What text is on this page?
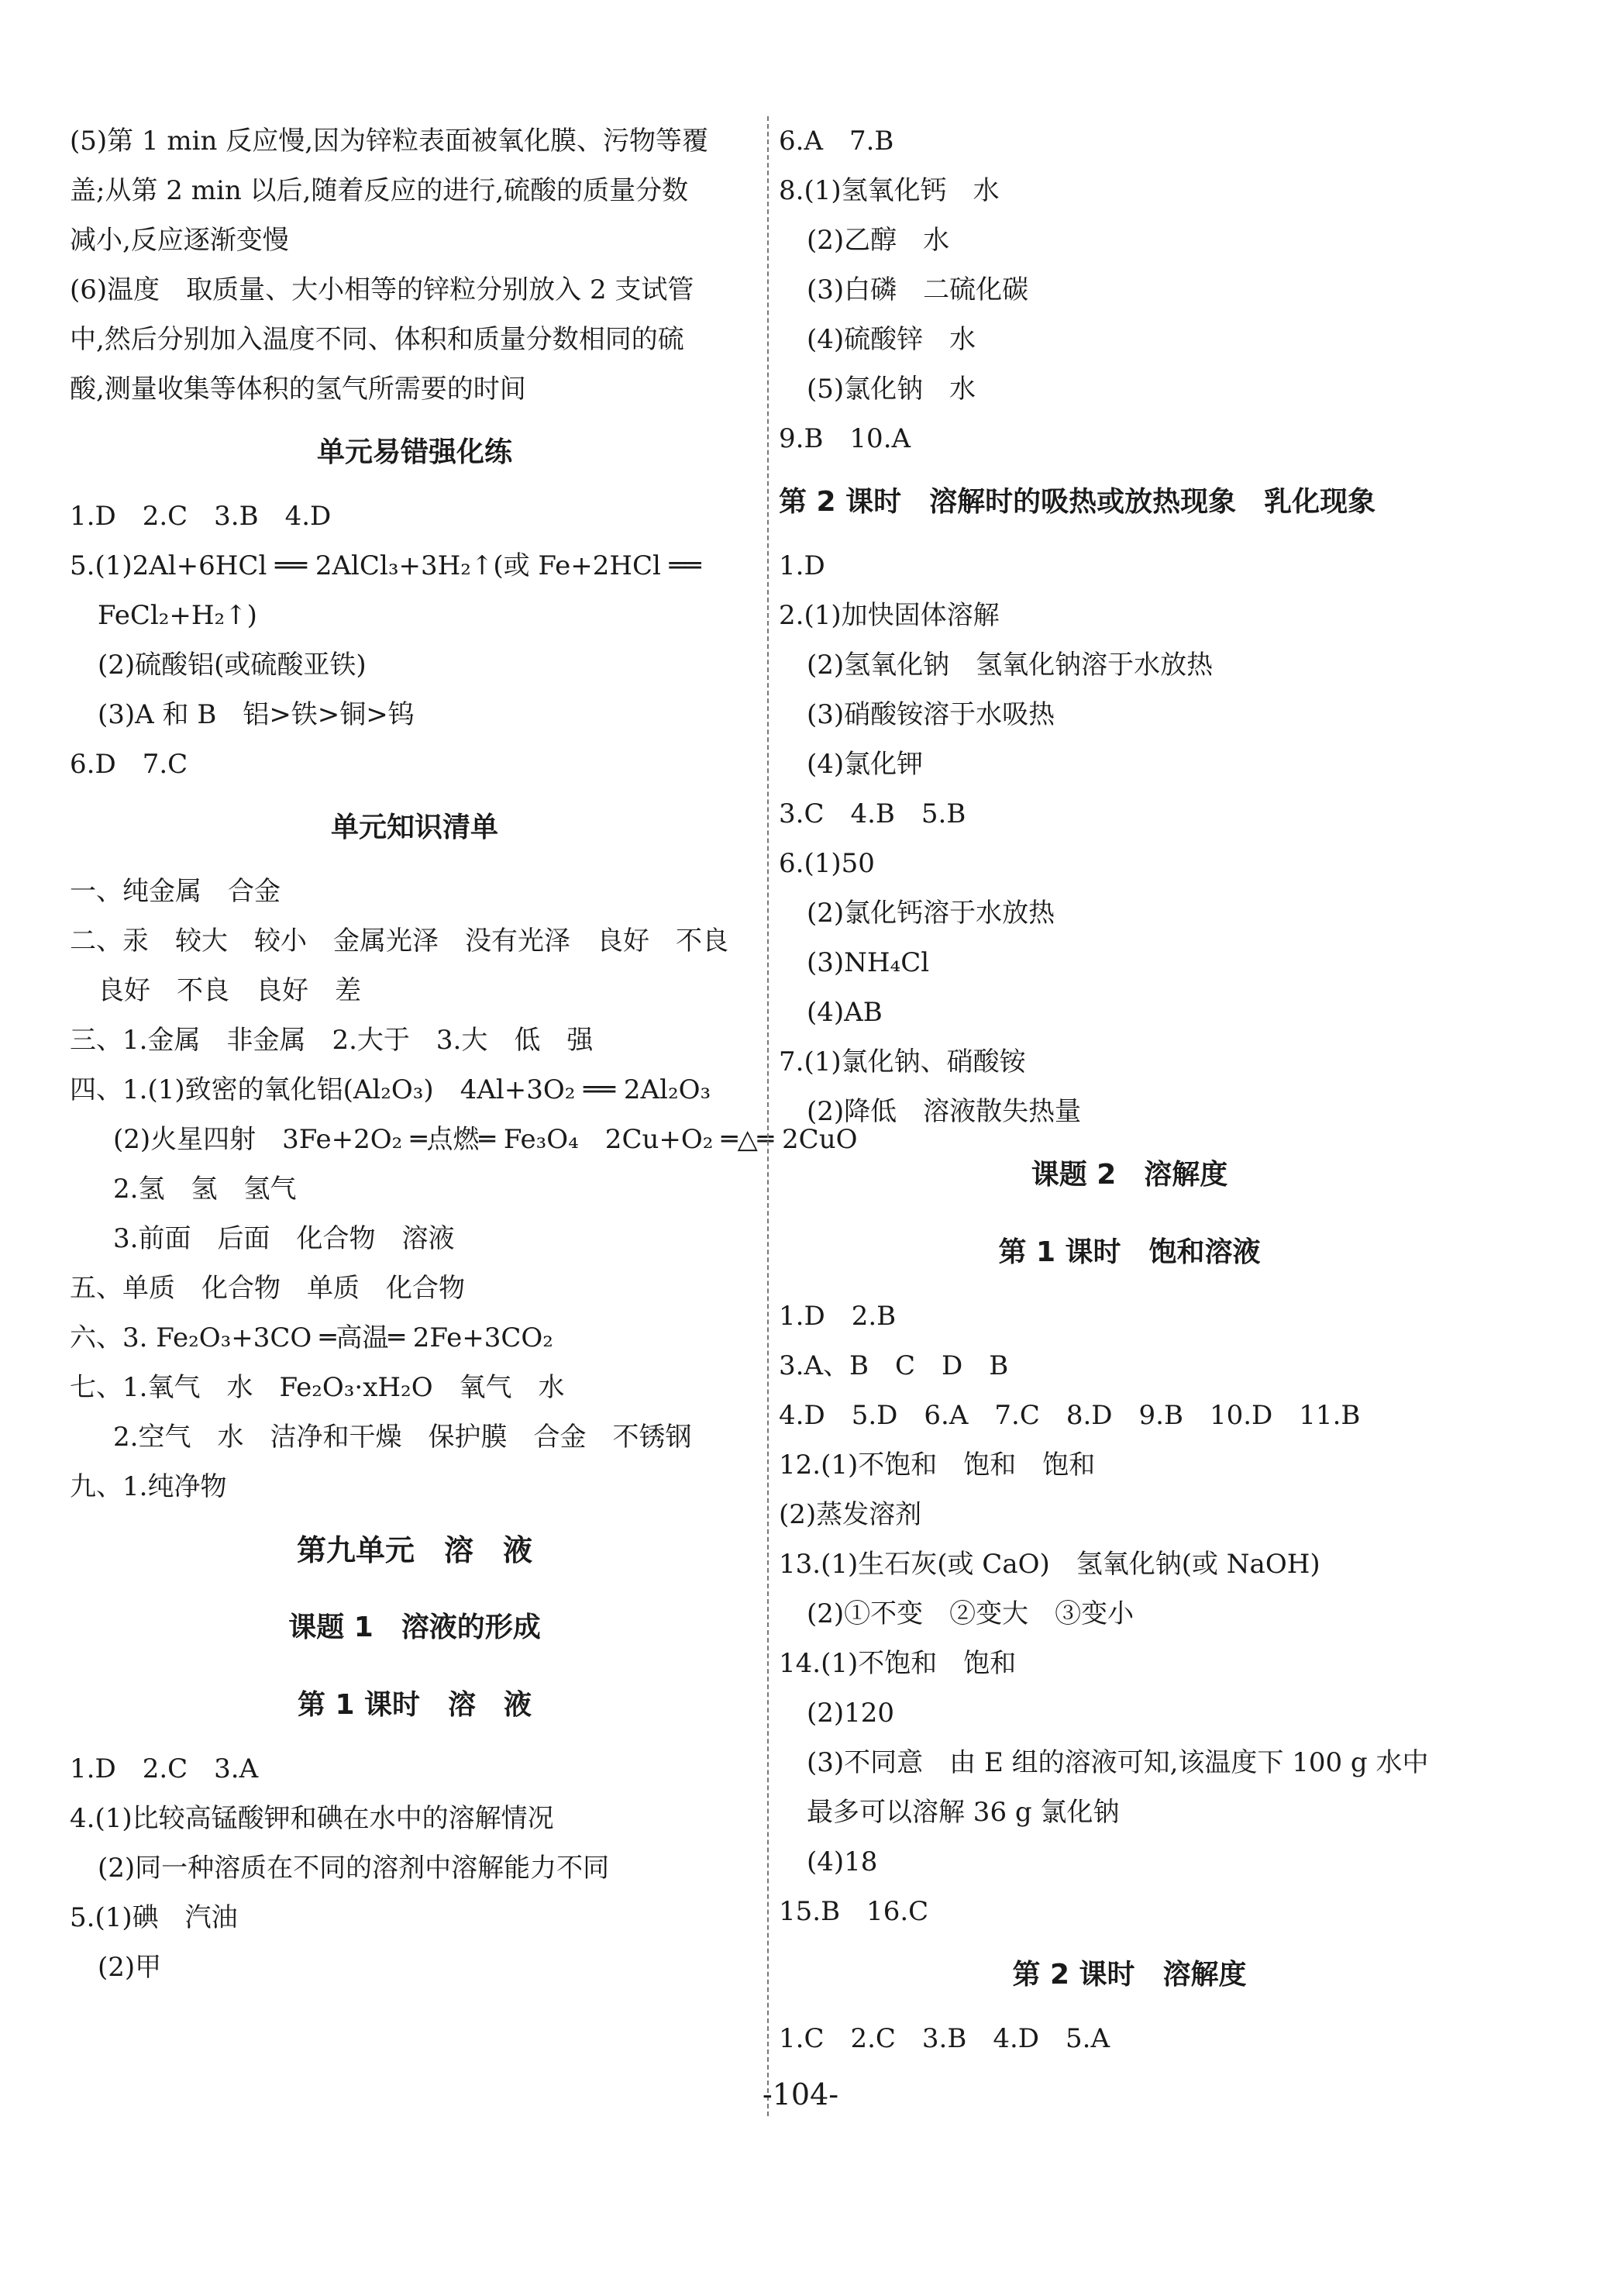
(5)第 1 min 反应慢,因为锌粒表面被氧化膜、污物等覆
盖;从第 2 min 以后,随着反应的进行,硫酸的质量分数
减小,反应逐渐变慢
(6)温度　取质量、大小相等的锌粒分别放入 2 支试管
中,然后分别加入温度不同、体积和质量分数相同的硫
酸,测量收集等体积的氢气所需要的时间
单元易错强化练
1.D　2.C　3.B　4.D
5.(1)2Al+6HCl ══ 2AlCl₃+3H₂↑(或 Fe+2HCl ══
FeCl₂+H₂↑)
(2)硫酸铝(或硫酸亚铁)
(3)A 和 B　铝>铁>铜>钨
6.D　7.C
单元知识清单
一、纯金属　合金
二、汞　较大　较小　金属光泽　没有光泽　良好　不良
良好　不良　良好　差
三、1.金属　非金属　2.大于　3.大　低　强
四、1.(1)致密的氧化铝(Al₂O₃)　4Al+3O₂ ══ 2Al₂O₃
(2)火星四射　3Fe+2O₂ ═点燃═ Fe₃O₄　2Cu+O₂ ═△═ 2CuO
2.氢　氢　氢气
3.前面　后面　化合物　溶液
五、单质　化合物　单质　化合物
六、3. Fe₂O₃+3CO ═高温═ 2Fe+3CO₂
七、1.氧气　水　Fe₂O₃·xH₂O　氧气　水
2.空气　水　洁净和干燥　保护膜　合金　不锈钢
九、1.纯净物
第九单元　溶　液
课题 1　溶液的形成
第 1 课时　溶　液
1.D　2.C　3.A
4.(1)比较高锰酸钾和碘在水中的溶解情况
(2)同一种溶质在不同的溶剂中溶解能力不同
5.(1)碘　汽油
(2)甲
6.A　7.B
8.(1)氢氧化钙　水
(2)乙醇　水
(3)白磷　二硫化碳
(4)硫酸锌　水
(5)氯化钠　水
9.B　10.A
第 2 课时　溶解时的吸热或放热现象　乳化现象
1.D
2.(1)加快固体溶解
(2)氢氧化钠　氢氧化钠溶于水放热
(3)硝酸铵溶于水吸热
(4)氯化钾
3.C　4.B　5.B
6.(1)50
(2)氯化钙溶于水放热
(3)NH₄Cl
(4)AB
7.(1)氯化钠、硝酸铵
(2)降低　溶液散失热量
课题 2　溶解度
第 1 课时　饱和溶液
1.D　2.B
3.A、B　C　D　B
4.D　5.D　6.A　7.C　8.D　9.B　10.D　11.B
12.(1)不饱和　饱和　饱和
(2)蒸发溶剂
13.(1)生石灰(或 CaO)　氢氧化钠(或 NaOH)
(2)①不变　②变大　③变小
14.(1)不饱和　饱和
(2)120
(3)不同意　由 E 组的溶液可知,该温度下 100 g 水中
最多可以溶解 36 g 氯化钠
(4)18
15.B　16.C
第 2 课时　溶解度
1.C　2.C　3.B　4.D　5.A
-104-
